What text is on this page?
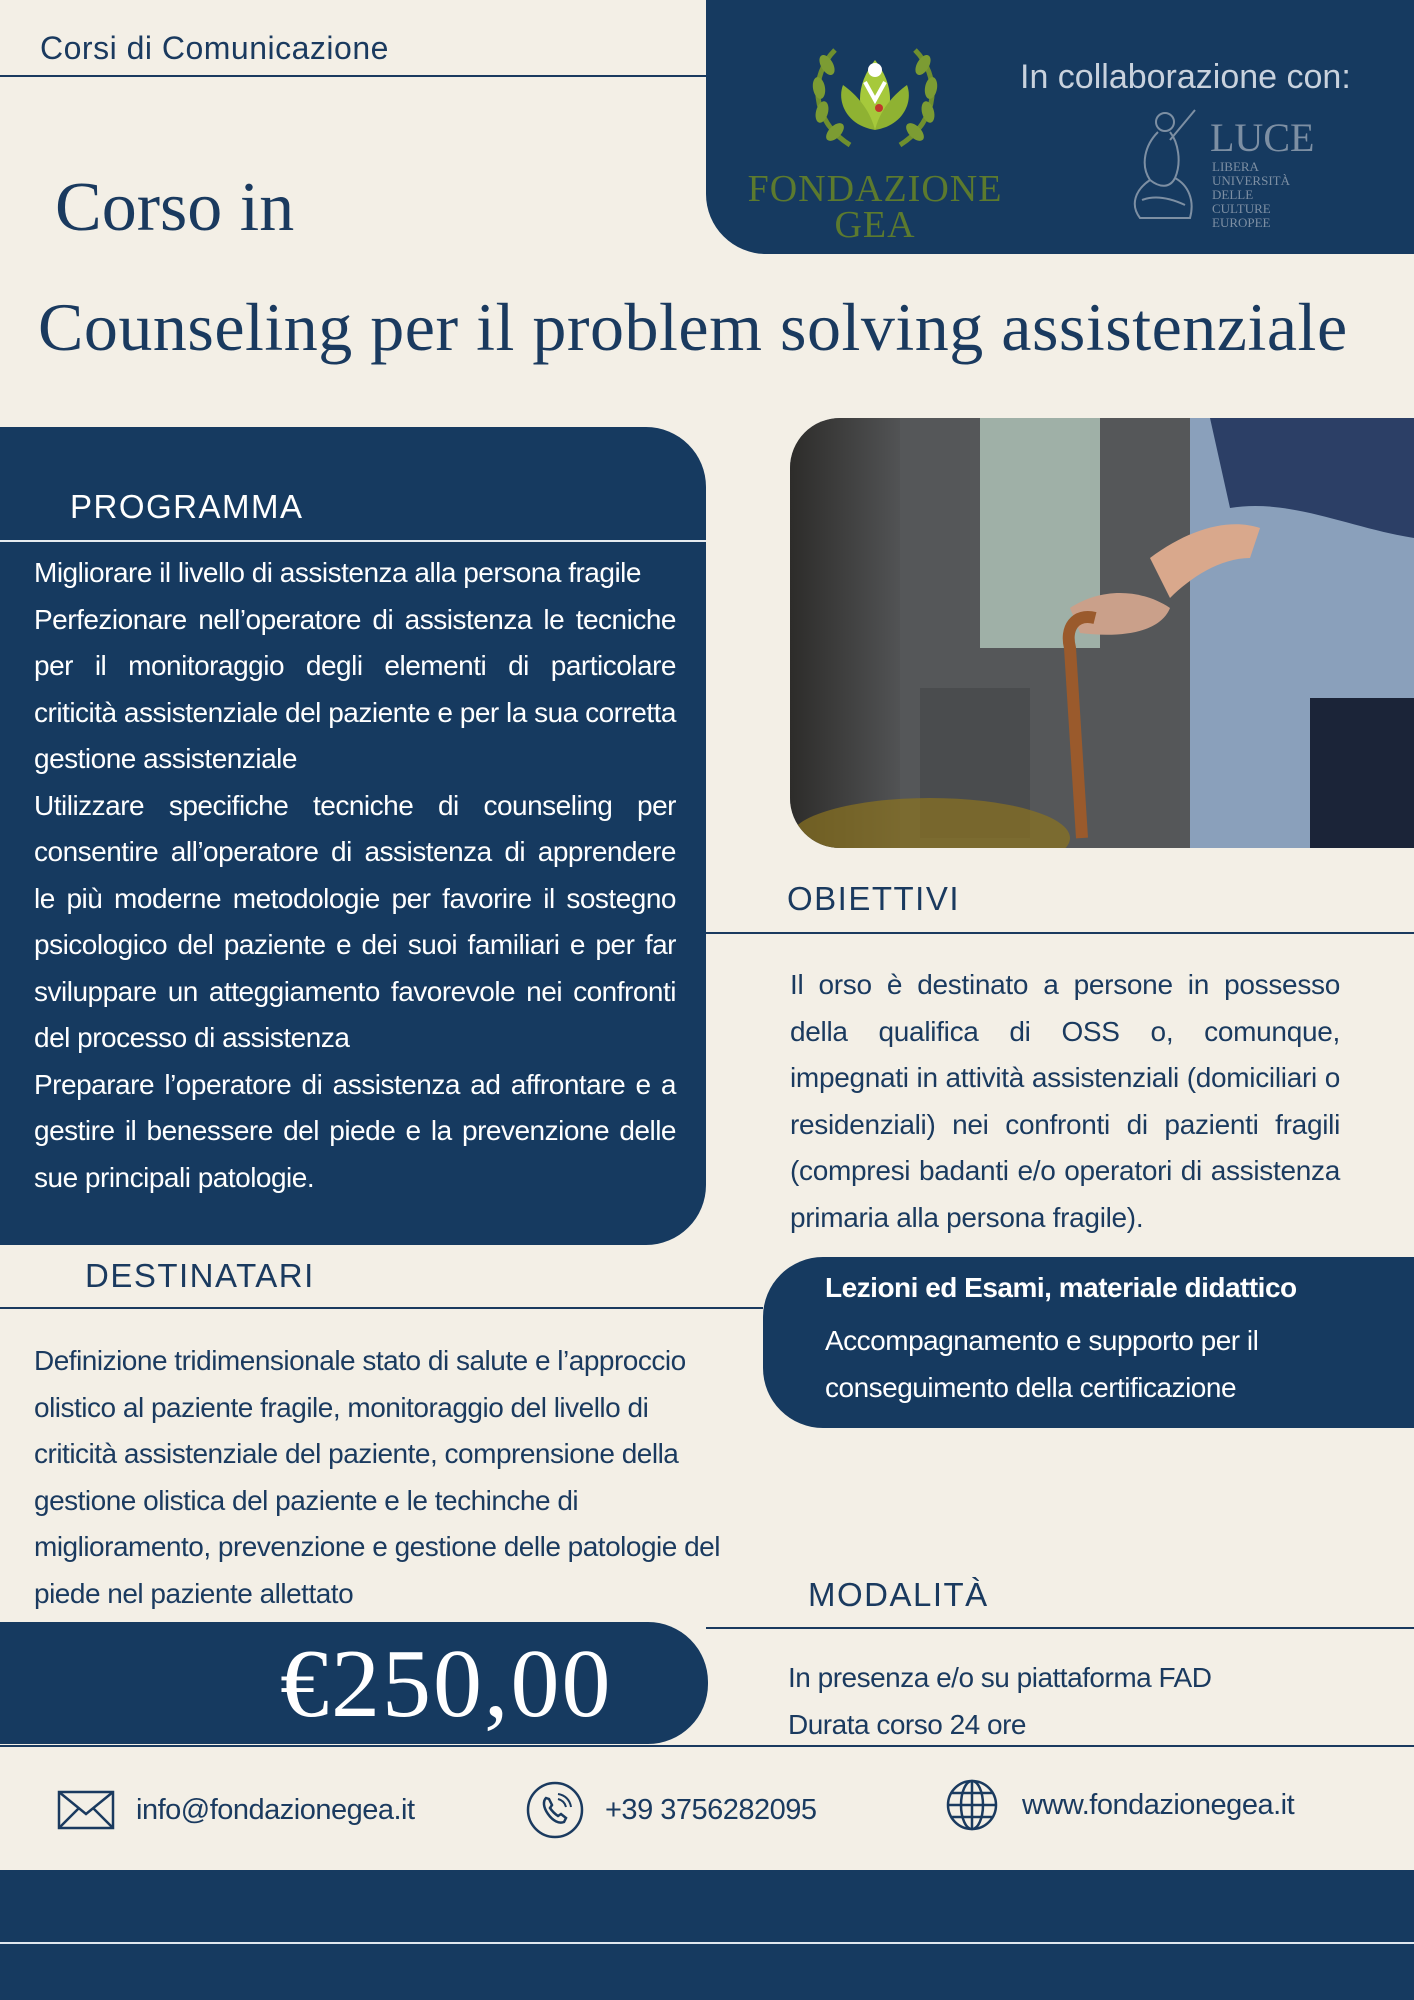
Corsi di Comunicazione
FONDAZIONE
GEA
In collaborazione con:
LUCE
LIBERA
UNIVERSITÀ
DELLE
CULTURE
EUROPEE
Corso in
Counseling per il problem solving assistenziale
PROGRAMMA

Migliorare il livello di assistenza alla persona fragile

Perfezionare nell’operatore di assistenza le tecniche per il monitoraggio degli elementi di particolare criticità assistenziale del paziente e per la sua corretta gestione assistenziale

Utilizzare specifiche tecniche di counseling per consentire all’operatore di assistenza di apprendere le più moderne metodologie per favorire il sostegno psicologico del paziente e dei suoi familiari e per far sviluppare un atteggiamento favorevole nei confronti del processo di assistenza

Preparare l’operatore di assistenza ad affrontare e a gestire il benessere del piede e la prevenzione delle sue principali patologie.

OBIETTIVI
Il orso è destinato a persone in possesso della qualifica di OSS o, comunque, impegnati in attività assistenziali (domiciliari o residenziali) nei confronti di pazienti fragili (compresi badanti e/o operatori di assistenza primaria alla persona fragile).
DESTINATARI
Definizione tridimensionale stato di salute e l’approccio olistico al paziente fragile, monitoraggio del livello di criticità assistenziale del paziente, comprensione della gestione olistica del paziente e le techinche di miglioramento, prevenzione e gestione delle patologie del piede nel paziente allettato
Lezioni ed Esami, materiale didattico
Accompagnamento e supporto per il conseguimento della certificazione
MODALITÀ
In presenza e/o su piattaforma FAD
Durata corso 24 ore
€250,00
info@fondazionegea.it	+39 3756282095	www.fondazionegea.it
